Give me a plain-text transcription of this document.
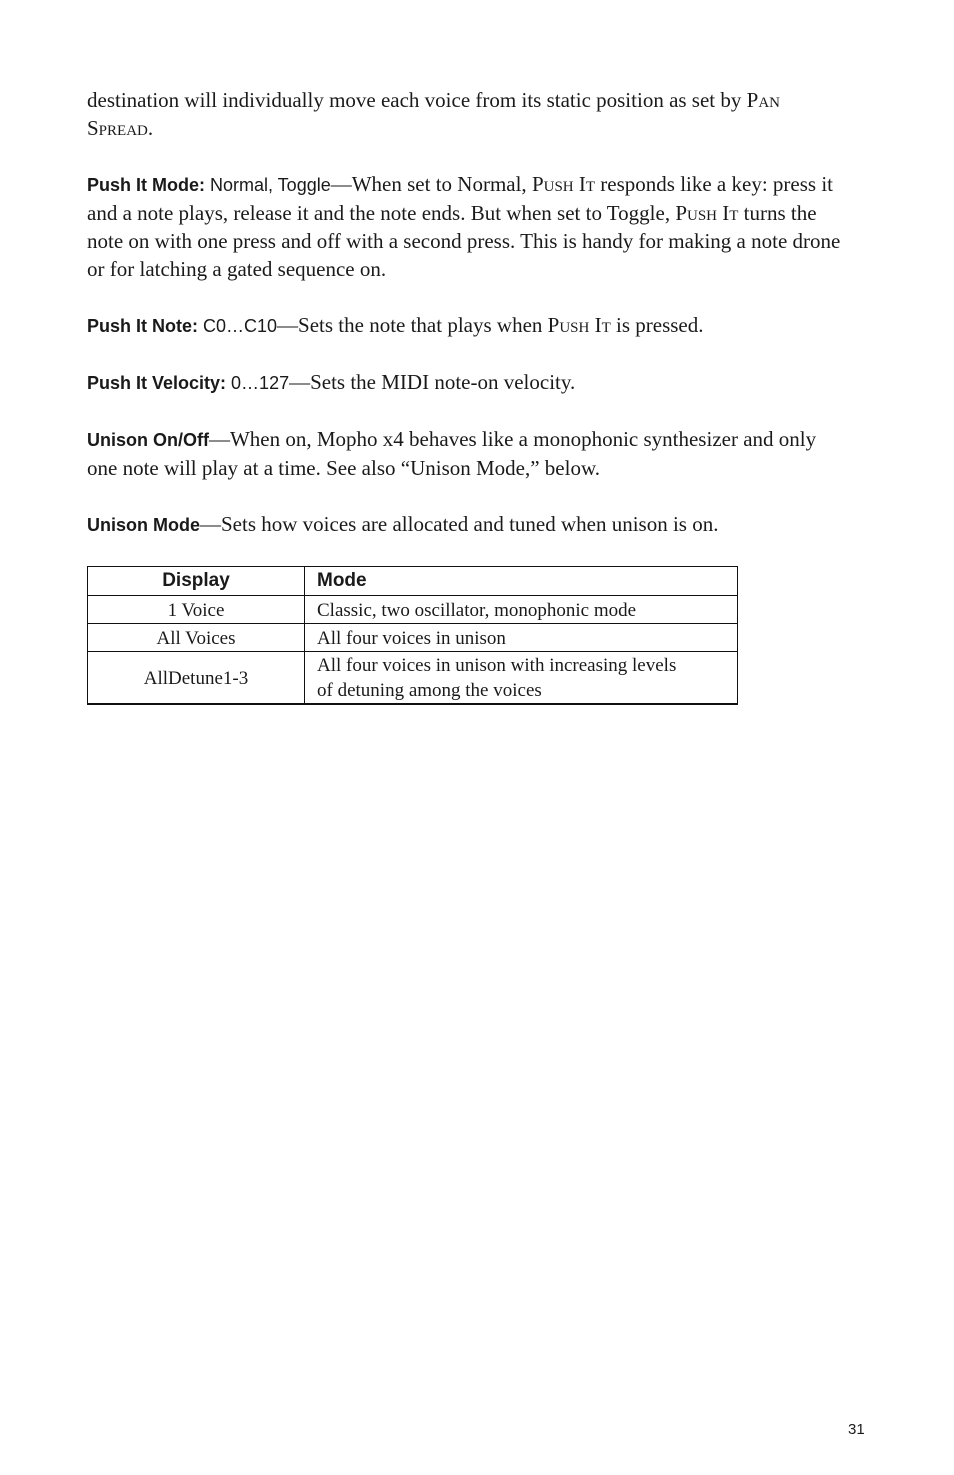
destination will individually move each voice from its static position as set by Pan Spread.

Push It Mode: Normal, Toggle—When set to Normal, Push It responds like a key: press it and a note plays, release it and the note ends. But when set to Toggle, Push It turns the note on with one press and off with a second press. This is handy for making a note drone or for latching a gated sequence on.

Push It Note: C0…C10—Sets the note that plays when Push It is pressed.

Push It Velocity: 0…127—Sets the MIDI note-on velocity.

Unison On/Off—When on, Mopho x4 behaves like a monophonic synthesizer and only one note will play at a time. See also “Unison Mode,” below.

Unison Mode—Sets how voices are allocated and tuned when unison is on.

Display	Mode
1 Voice	Classic, two oscillator, monophonic mode
All Voices	All four voices in unison
AllDetune1-3	All four voices in unison with increasing levels of detuning among the voices
31
